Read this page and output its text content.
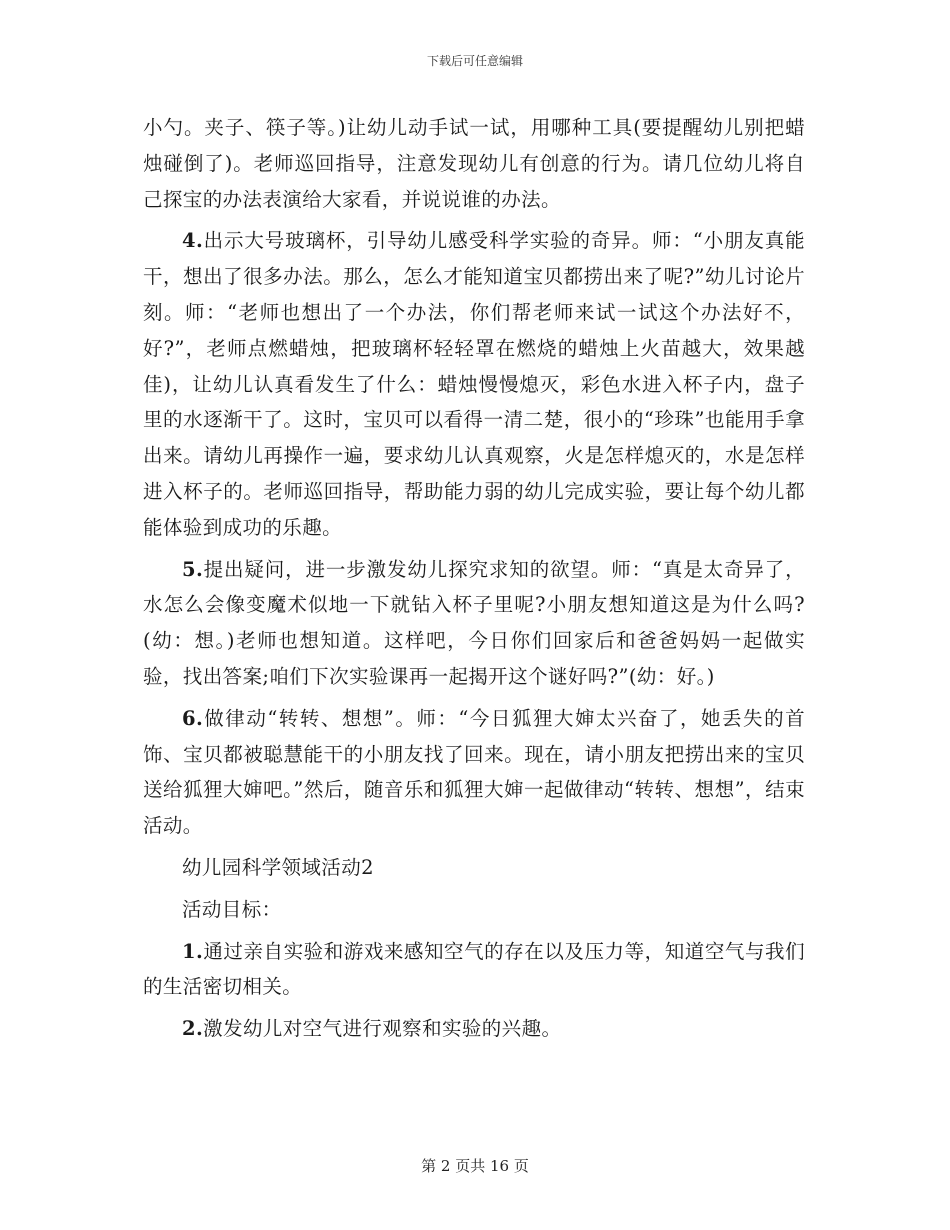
下载后可任意编辑

小勺。夹子、筷子等。)让幼儿动手试一试，用哪种工具(要提醒幼儿别把蜡烛碰倒了)。老师巡回指导，注意发现幼儿有创意的行为。请几位幼儿将自己探宝的办法表演给大家看，并说说谁的办法。

4.出示大号玻璃杯，引导幼儿感受科学实验的奇异。师：“小朋友真能干，想出了很多办法。那么，怎么才能知道宝贝都捞出来了呢?”幼儿讨论片刻。师：“老师也想出了一个办法，你们帮老师来试一试这个办法好不，好?”，老师点燃蜡烛，把玻璃杯轻轻罩在燃烧的蜡烛上火苗越大，效果越佳)，让幼儿认真看发生了什么：蜡烛慢慢熄灭，彩色水进入杯子内，盘子里的水逐渐干了。这时，宝贝可以看得一清二楚，很小的“珍珠”也能用手拿出来。请幼儿再操作一遍，要求幼儿认真观察，火是怎样熄灭的，水是怎样进入杯子的。老师巡回指导，帮助能力弱的幼儿完成实验，要让每个幼儿都能体验到成功的乐趣。

5.提出疑问，进一步激发幼儿探究求知的欲望。师：“真是太奇异了，水怎么会像变魔术似地一下就钻入杯子里呢?小朋友想知道这是为什么吗?(幼：想。)老师也想知道。这样吧，今日你们回家后和爸爸妈妈一起做实验，找出答案;咱们下次实验课再一起揭开这个谜好吗?”(幼：好。)

6.做律动“转转、想想”。师：“今日狐狸大婶太兴奋了，她丢失的首饰、宝贝都被聪慧能干的小朋友找了回来。现在，请小朋友把捞出来的宝贝送给狐狸大婶吧。”然后，随音乐和狐狸大婶一起做律动“转转、想想”，结束活动。

幼儿园科学领域活动2

活动目标：

1.通过亲自实验和游戏来感知空气的存在以及压力等，知道空气与我们的生活密切相关。

2.激发幼儿对空气进行观察和实验的兴趣。

第 2 页共 16 页
